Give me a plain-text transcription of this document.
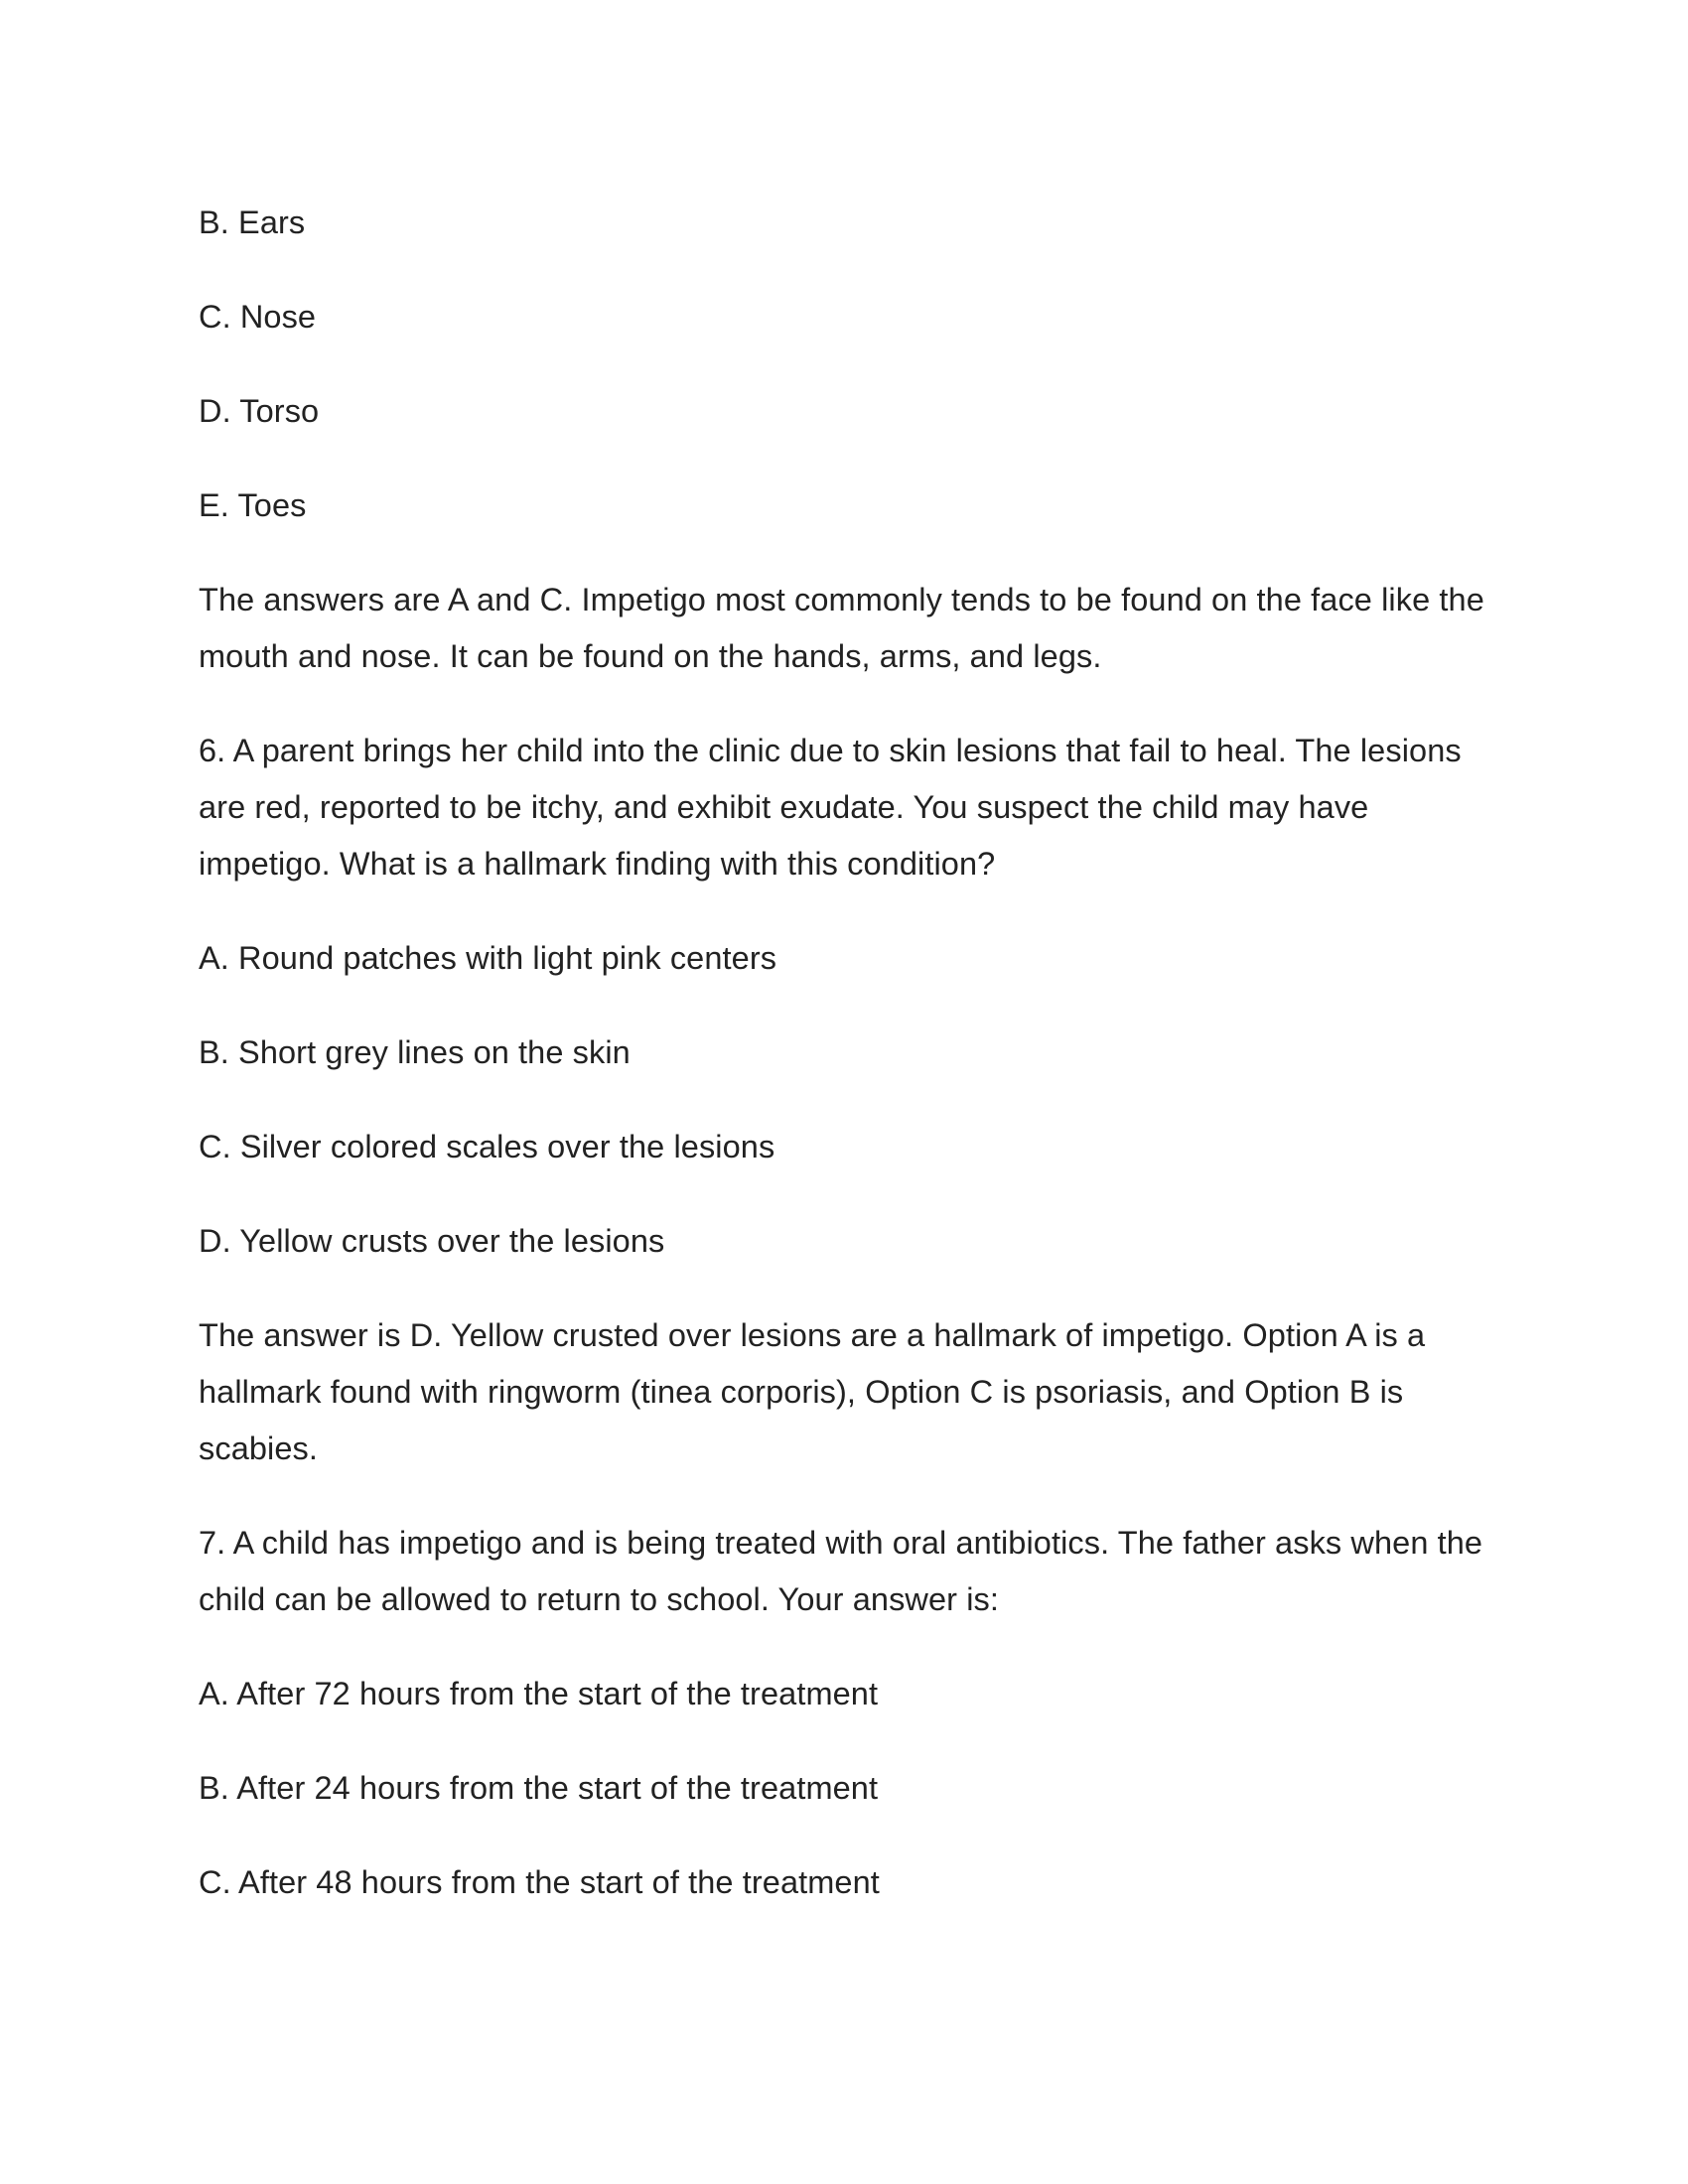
B. Ears

C. Nose

D. Torso

E. Toes

The answers are A and C. Impetigo most commonly tends to be found on the face like the mouth and nose. It can be found on the hands, arms, and legs.

6. A parent brings her child into the clinic due to skin lesions that fail to heal. The lesions are red, reported to be itchy, and exhibit exudate. You suspect the child may have impetigo. What is a hallmark finding with this condition?

A. Round patches with light pink centers

B. Short grey lines on the skin

C. Silver colored scales over the lesions

D. Yellow crusts over the lesions

The answer is D. Yellow crusted over lesions are a hallmark of impetigo. Option A is a hallmark found with ringworm (tinea corporis), Option C is psoriasis, and Option B is scabies.

7. A child has impetigo and is being treated with oral antibiotics. The father asks when the child can be allowed to return to school. Your answer is:

A. After 72 hours from the start of the treatment

B. After 24 hours from the start of the treatment

C. After 48 hours from the start of the treatment
